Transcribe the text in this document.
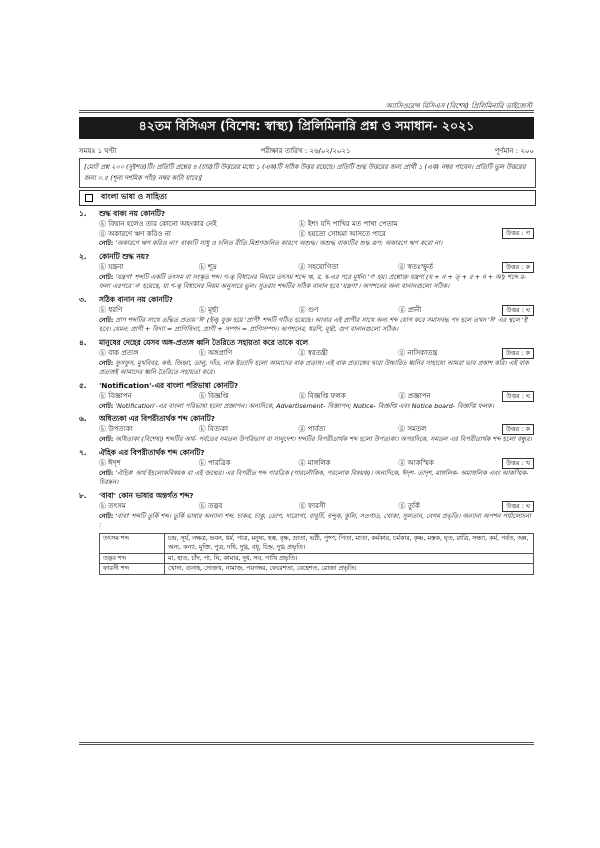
অ্যাসিওরেন্স বিসিএস (বিশেষ) প্রিলিমিনারি ডাইজেস্ট
৪২তম বিসিএস (বিশেষ: স্বাস্থ্য) প্রিলিমিনারি প্রশ্ন ও সমাধান- ২০২১
সময়ঃ ১ ঘণ্টা	পরীক্ষার তারিখ : ২৬/০২/২০২১	পূর্ণমান : ২০০
[মোট প্রশ্ন ২০০ (দুইশত)টি। প্রতিটি প্রশ্নের ৪ (চার)টি উত্তরের মধ্যে ১ (এক)টি সঠিক উত্তর রয়েছে। প্রতিটি শুদ্ধ উত্তরের জন্য প্রার্থী ১ (এক) নম্বর পাবেন। প্রতিটি ভুল উত্তরের জন্য ০.৫ (শূন্য দশমিক পাঁচ) নম্বর কাটা যাবে।]
বাংলা ভাষা ও সাহিত্য
১.	শুদ্ধ বাক্য নয় কোনটি?
ⓚ বিদ্বান হলেও তার কোনো অহংকার নেই	ⓚ ইশ! যদি পাখির মত পাখা পেতাম
ⓖ অকারণে ঋণ করিও না	ⓖ হয়তো সোহমা আসতে পারে	উত্তর : গ
নোট: 'অকারণে ঋণ করিও না।' বাক্যটি সাধু ও চলিত রীতি মিশ্রণজনিত কারণে অশুদ্ধ। অশুদ্ধ বাক্যটির শুদ্ধ রূপ: অকারণে ঋণ করো না।
২.	কোনটি শুদ্ধ নয়?
ⓚ যন্ত্রনা	ⓚ শূদ্র	ⓖ সহযোগিতা	ⓖ স্বতঃস্ফূর্ত	উত্তর : ক
নোট: 'যন্ত্রণা' শব্দটি একটি তৎসম বা সংস্কৃত শব্দ। ণ-ত্ব বিধানের নিয়মে তৎসম শব্দে ঋ, র, ষ-এর পরে মূর্ধন্য 'ণ' হয়। প্রশ্নোক্ত যন্ত্রণা (য + ন + ত্ + র + ন + আ) শব্দে র-ফলা এরপরে 'ন' হয়েছে, যা ণ-ত্ব বিধানের নিয়ম অনুসারে ভুল। সুতরাং শব্দটির সঠিক বানান হবে 'যন্ত্রণা'। অপশনের অন্য বানানগুলো সঠিক।
৩.	সঠিক বানান নয় কোনটি?
ⓚ ধরণি	ⓚ মূর্ছা	ⓖ গুণ	ⓖ প্রানী	উত্তর : ঘ
নোট: প্রাণ শব্দটির সাথে তদ্ধিত প্রত্যয় 'ঈ' (ইন্) যুক্ত হয়ে 'প্রাণী' শব্দটি গঠিত হয়েছে। আবার এই প্রাণীর সাথে অন্য শব্দ যোগ করে সমাসবদ্ধ পদ হলে তখন 'ঈ' এর স্থলে 'ই' হবে। যেমন: প্রাণী + বিদ্যা = প্রাণিবিদ্যা, প্রাণী + সম্পদ = প্রাণিসম্পদ। অপশনের, ধরণি, মূর্ছা, গুণ বানানগুলো সঠিক।
৪.	মানুষের দেহের যেসব অঙ্গ-প্রত্যঙ্গ ধ্বনি তৈরিতে সহায়তা করে তাকে বলে
ⓚ বাক প্রত্যঙ্গ	ⓚ অঙ্গপ্রাণি	ⓖ স্বরতন্ত্রী	ⓖ নাসিকাতন্ত্র	উত্তর : ক
নোট: ফুসফুস, মুখবিবর, কণ্ঠ, জিহ্বা, তালু, দাঁত, নাক ইত্যাদি হলো আমাদের বাক প্রত্যঙ্গ। এই বাক প্রত্যঙ্গের দ্বারা উচ্চারিত ধ্বনির সাহায্যে আমরা ভাব প্রকাশ করি। এই বাক প্রত্যঙ্গই আমাদের ধ্বনি তৈরিতে সহায়তা করে।
৫.	'Notification'-এর বাংলা পরিভাষা কোনটি?
ⓚ বিজ্ঞাপন	ⓚ বিজ্ঞপ্তি	ⓖ বিজ্ঞপ্তি ফলক	ⓖ প্রজ্ঞাপন	উত্তর : ঘ
নোট: 'Notification'-এর বাংলা পরিভাষা হলো প্রজ্ঞাপন। অন্যদিকে, Advertisement- বিজ্ঞাপন; Notice- বিজ্ঞপ্তি এবং Notice board- বিজ্ঞপ্তি ফলক।
৬.	অধিত্যকা এর বিপরীতার্থক শব্দ কোনটি?
ⓚ উপত্যকা	ⓚ বিত্যকা	ⓖ পার্বত্য	ⓖ সমতল	উত্তর : ক
নোট: অধিত্যকা (বিশেষ্য) শব্দটির অর্থ- পর্বতের সমতল উপরিভাগ বা সানুদেশ। শব্দটির বিপরীতার্থক শব্দ হলো উপত্যকা। অপরদিকে, সমতল এর বিপরীতার্থক শব্দ হলো বন্ধুর।
৭.	ঐহিক এর বিপরীতার্থক শব্দ কোনটি?
ⓚ ঈদৃশ	ⓚ পারত্রিক	ⓖ মাঙ্গলিক	ⓖ আকস্মিক	উত্তর : খ
নোট: 'ঐহিক' অর্থ ইহলোকবিষয়ক বা এই জন্মের। এর বিপরীত শব্দ পারত্রিক (পারলৌকিক, পরলোক বিষয়ক)। অন্যদিকে, ঈদৃশ- তাদৃশ, মাঙ্গলিক- অমাঙ্গলিক এবং আকস্মিক- চিরন্তন।
৮.	'বাবা' কোন ভাষার অন্তর্গত শব্দ?
ⓚ তৎসম	ⓚ তদ্ভব	ⓖ ফারসী	ⓖ তুর্কি	উত্তর : ঘ
নোট: 'বাবা' শব্দটি তুর্কি শব্দ। তুর্কি ভাষার অন্যান্য শব্দ: চাকর, চাকু, তোপ, দারোগা, বাবুর্চি, বন্দুক, কুলি, সওগাত, খোকা, সুলতান, বেগম প্রভৃতি। অন্যান্য অপশন পর্যালোচনা :
তৎসম শব্দ	চন্দ্র, সূর্য, নক্ষত্র, ভবন, ধর্ম, পাত্র, মনুষ্য, হস্ত, বৃক্ষ, ভ্রাতা, ভগ্নী, পুষ্প, পিতা, মাতা, কর্মকার, চর্মকার, কৃষ্ণ, মস্তক, ঘৃত, রাত্রি, সন্ধ্যা, কর্ম, পর্বত, অন্ন, অন্য, কন্যা, মুক্তি, পুত্র, দধি, দুগ্ধ, বধূ, চিহ্ন, দুগ্ধ প্রভৃতি।
তদ্ভব শব্দ	মা, হাত, চাঁদ, পা, ঘি, কামার, দুধ, সব, পাখি প্রভৃতি।
ফারসী শব্দ	খোদা, গুনাহ, দোজখ, নামাজ, পয়গম্বর, ফেরেশতা, বেহেশত, রোজা প্রভৃতি।
